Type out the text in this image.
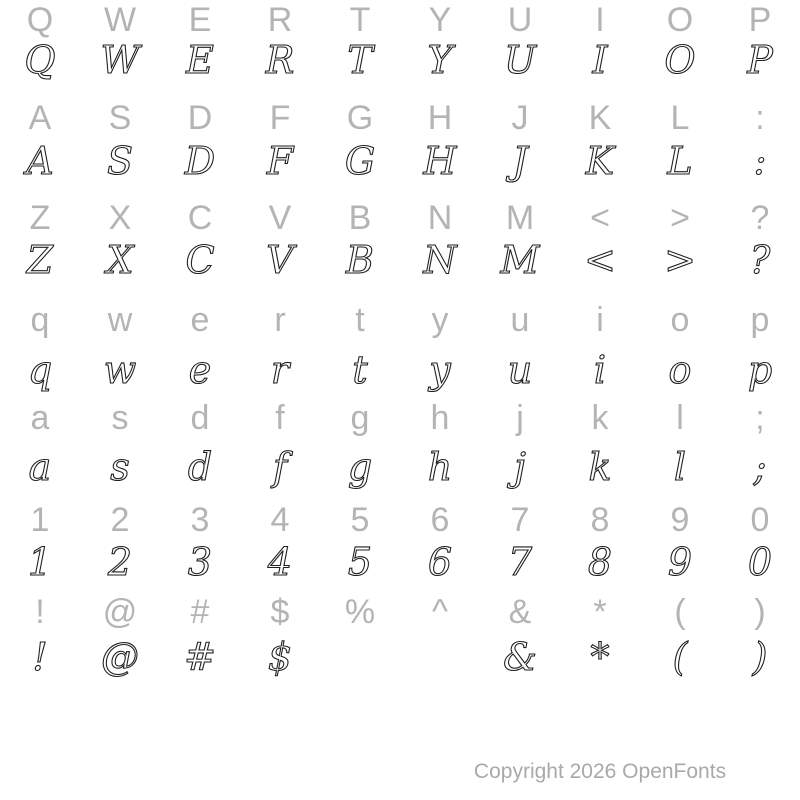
Q W E R T Y U I O P
Q W E R T Y U I O P
A S D F G H J K L :
A S D F G H J K L :
Z X C V B N M < > ?
Z X C V B N M < > ?
q w e r t y u i o p
q w e r t y u i o p
a s d f g h j k l ;
a s d f g h j k l ;
1 2 3 4 5 6 7 8 9 0
1 2 3 4 5 6 7 8 9 0
! @ # $ % ^ & * ( )
! @ # $	& * ( )
Copyright 2026 OpenFonts
